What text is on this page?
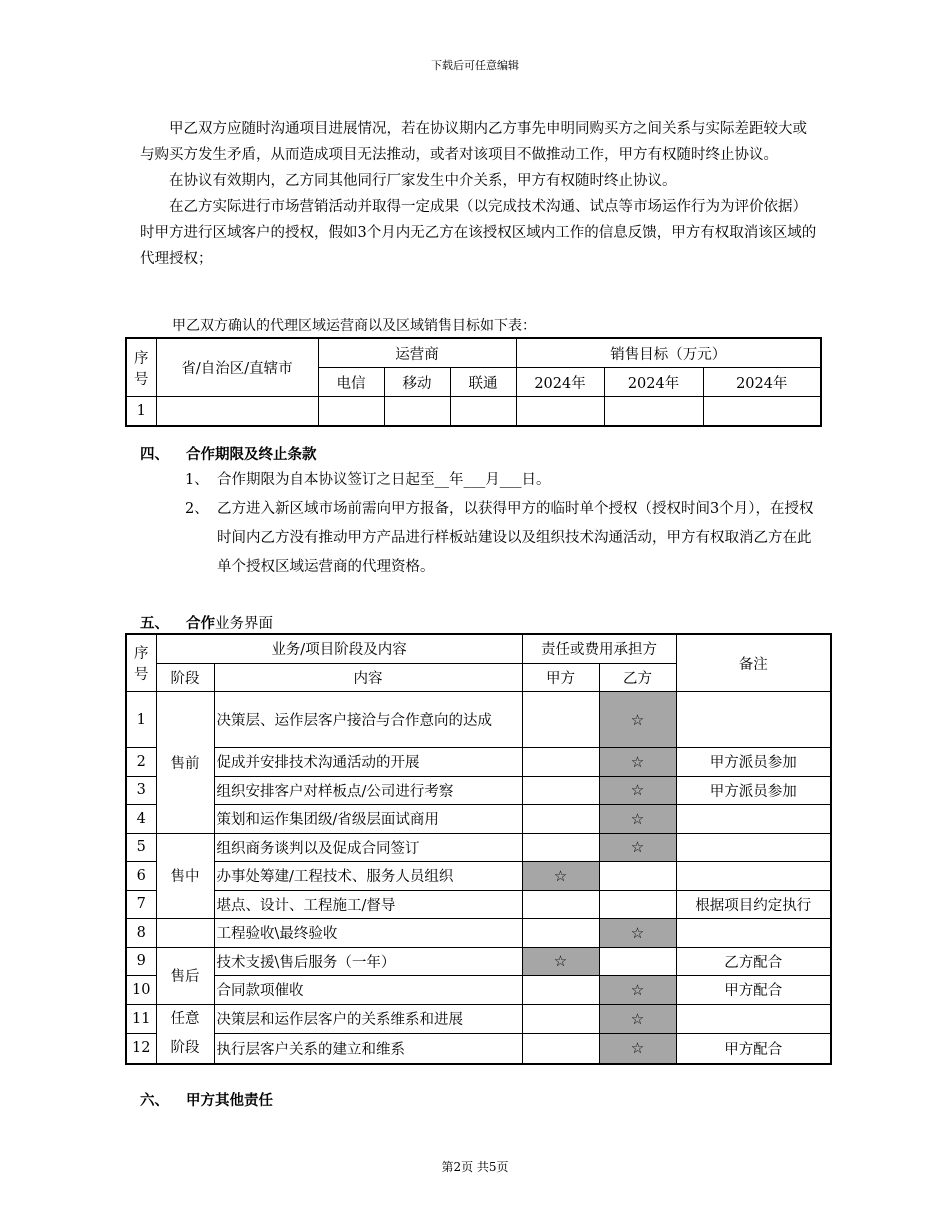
下载后可任意编辑

甲乙双方应随时沟通项目进展情况，若在协议期内乙方事先申明同购买方之间关系与实际差距较大或与购买方发生矛盾，从而造成项目无法推动，或者对该项目不做推动工作，甲方有权随时终止协议。

在协议有效期内，乙方同其他同行厂家发生中介关系，甲方有权随时终止协议。

在乙方实际进行市场营销活动并取得一定成果（以完成技术沟通、试点等市场运作行为为评价依据）时甲方进行区域客户的授权，假如3个月内无乙方在该授权区域内工作的信息反馈，甲方有权取消该区域的代理授权；

甲乙双方确认的代理区域运营商以及区域销售目标如下表：
序号	省/自治区/直辖市	运营商			销售目标（万元）		
		电信	移动	联通	2024年	2024年	2024年
1							
四、 合作期限及终止条款
1、 合作期限为自本协议签订之日起至__年___月___日。
2、 乙方进入新区域市场前需向甲方报备，以获得甲方的临时单个授权（授权时间3个月），在授权时间内乙方没有推动甲方产品进行样板站建设以及组织技术沟通活动，甲方有权取消乙方在此单个授权区域运营商的代理资格。
五、 合作业务界面
序号	业务/项目阶段及内容		责任或费用承担方		备注
	阶段	内容	甲方	乙方	
1	售前	决策层、运作层客户接洽与合作意向的达成		☆	
2		促成并安排技术沟通活动的开展		☆	甲方派员参加
3		组织安排客户对样板点/公司进行考察		☆	甲方派员参加
4		策划和运作集团级/省级层面试商用		☆	
5	售中	组织商务谈判以及促成合同签订		☆	
6		办事处筹建/工程技术、服务人员组织	☆		
7		堪点、设计、工程施工/督导			根据项目约定执行
8		工程验收\最终验收		☆	
9	售后	技术支援\售后服务（一年）	☆		乙方配合
10		合同款项催收		☆	甲方配合
11	任意阶段	决策层和运作层客户的关系维系和进展		☆	
12		执行层客户关系的建立和维系		☆	甲方配合
六、 甲方其他责任
第2页 共5页
